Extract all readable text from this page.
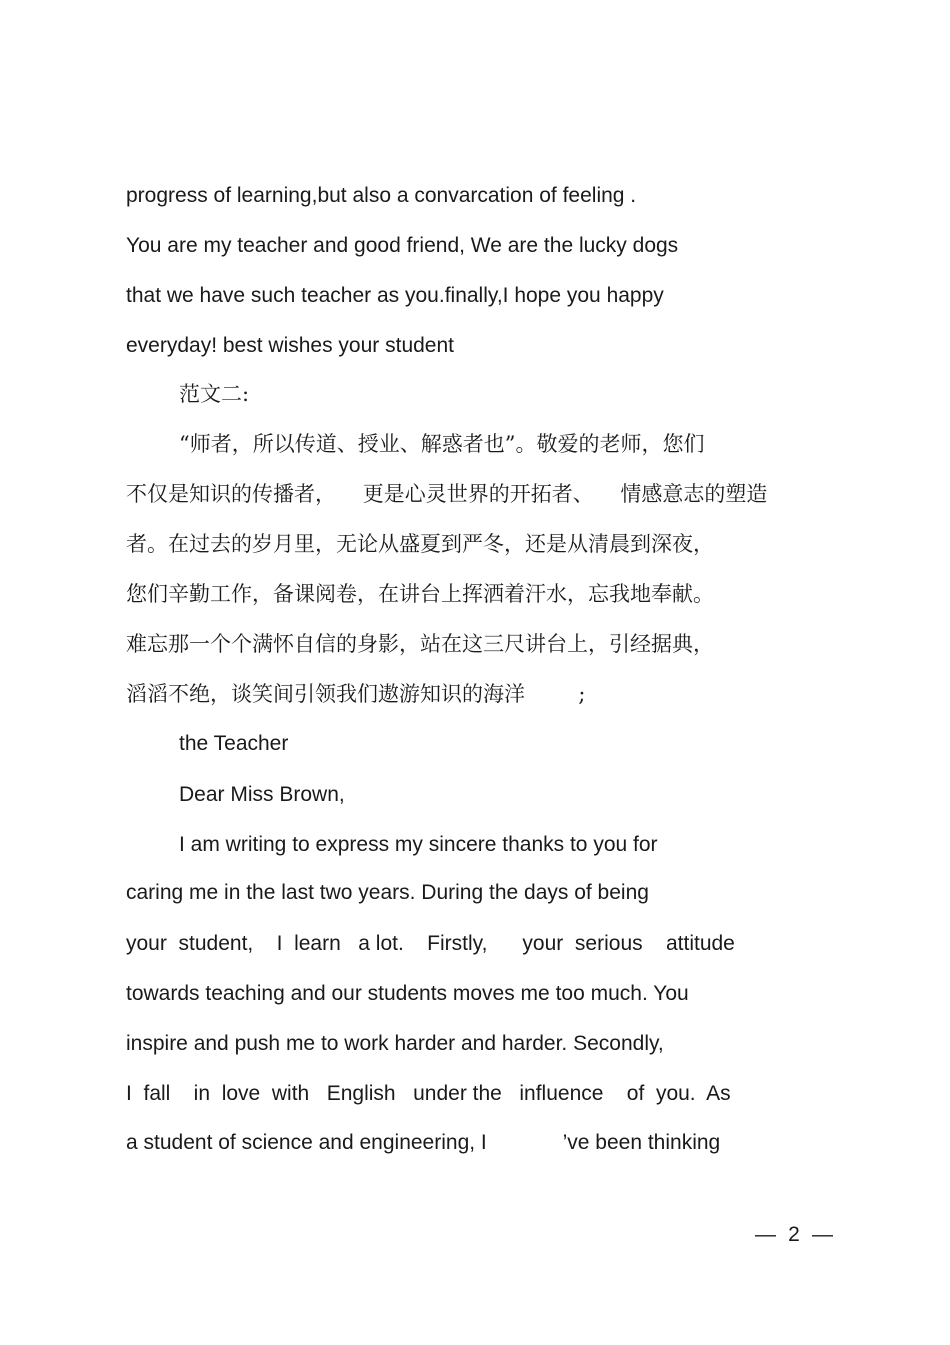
progress of learning,but also a convarcation of feeling .
You are my teacher and good friend, We are the lucky dogs
that we have such teacher as you.finally,I hope you happy
everyday! best wishes your student
范文二:
“师者，所以传道、授业、解惑者也”。敬爱的老师，您们
不仅是知识的传播者，    更是心灵世界的开拓者、    情感意志的塑造
者。在过去的岁月里，无论从盛夏到严冬，还是从清晨到深夜，
您们辛勤工作，备课阅卷，在讲台上挥洒着汗水，忘我地奉献。
难忘那一个个满怀自信的身影，站在这三尺讲台上，引经据典，
滔滔不绝，谈笑间引领我们遨游知识的海洋        ;
the Teacher
Dear Miss Brown,
I am writing to express my sincere thanks to you for
caring me in the last two years. During the days of being
your  student,    I  learn   a lot.    Firstly,      your  serious    attitude
towards teaching and our students moves me too much. You
inspire and push me to work harder and harder. Secondly,
I  fall    in  love  with   English   under the   influence    of  you.  As
a student of science and engineering, I             ’ve been thinking
— 2 —
